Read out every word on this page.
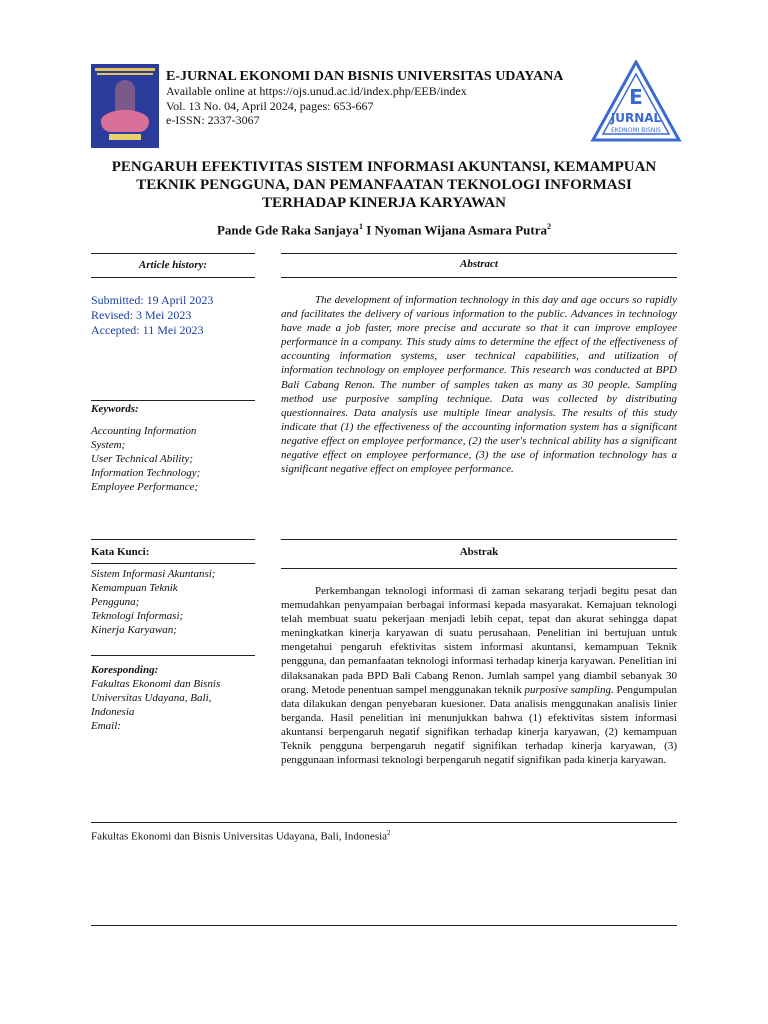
E-JURNAL EKONOMI DAN BISNIS UNIVERSITAS UDAYANA
Available online at https://ojs.unud.ac.id/index.php/EEB/index
Vol. 13 No. 04, April 2024, pages: 653-667
e-ISSN: 2337-3067
E
JURNAL
EKONOMI BISNIS
PENGARUH EFEKTIVITAS SISTEM INFORMASI AKUNTANSI, KEMAMPUAN
TEKNIK PENGGUNA, DAN PEMANFAATAN TEKNOLOGI INFORMASI
TERHADAP KINERJA KARYAWAN
Pande Gde Raka Sanjaya$^1$ I Nyoman Wijana Asmara Putra$^2$
Article history:
Submitted: 19 April 2023
Revised: 3 Mei 2023
Accepted: 11 Mei 2023
Keywords:
Accounting Information
System;
User Technical Ability;
Information Technology;
Employee Performance;
Abstract
The development of information technology in this day and age occurs so rapidly and facilitates the delivery of various information to the public. Advances in technology have made a job faster, more precise and accurate so that it can improve employee performance in a company. This study aims to determine the effect of the effectiveness of accounting information systems, user technical capabilities, and utilization of information technology on employee performance. This research was conducted at BPD Bali Cabang Renon. The number of samples taken as many as 30 people. Sampling method use purposive sampling technique. Data was collected by distributing questionnaires. Data analysis use multiple linear analysis. The results of this study indicate that (1) the effectiveness of the accounting information system has a significant negative effect on employee performance, (2) the user's technical ability has a significant negative effect on employee performance, (3) the use of information technology has a significant negative effect on employee performance.
Kata Kunci:
Sistem Informasi Akuntansi;
Kemampuan Teknik
Pengguna;
Teknologi Informasi;
Kinerja Karyawan;
Koresponding:
Fakultas Ekonomi dan Bisnis
Universitas Udayana, Bali,
Indonesia
Email:
Abstrak
Perkembangan teknologi informasi di zaman sekarang terjadi begitu pesat dan memudahkan penyampaian berbagai informasi kepada masyarakat. Kemajuan teknologi telah membuat suatu pekerjaan menjadi lebih cepat, tepat dan akurat sehingga dapat meningkatkan kinerja karyawan di suatu perusahaan. Penelitian ini bertujuan untuk mengetahui pengaruh efektivitas sistem informasi akuntansi, kemampuan Teknik pengguna, dan pemanfaatan teknologi informasi terhadap kinerja karyawan. Penelitian ini dilaksanakan pada BPD Bali Cabang Renon. Jumlah sampel yang diambil sebanyak 30 orang. Metode penentuan sampel menggunakan teknik purposive sampling. Pengumpulan data dilakukan dengan penyebaran kuesioner. Data analisis menggunakan analisis linier berganda. Hasil penelitian ini menunjukkan bahwa (1) efektivitas sistem informasi akuntansi berpengaruh negatif signifikan terhadap kinerja karyawan, (2) kemampuan Teknik pengguna berpengaruh negatif signifikan terhadap kinerja karyawan, (3) penggunaan informasi teknologi berpengaruh negatif signifikan pada kinerja karyawan.
Fakultas Ekonomi dan Bisnis Universitas Udayana, Bali, Indonesia$^2$
